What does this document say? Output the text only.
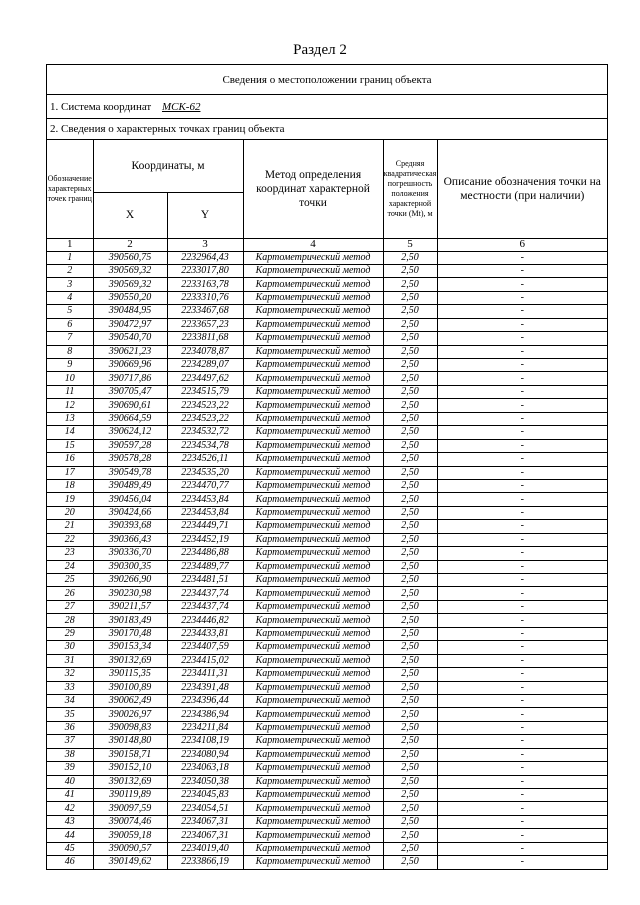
Раздел 2
Сведения о местоположении границ объекта
1. Система координат МСК-62
2. Сведения о характерных точках границ объекта
Обозначение характерных точек границ	Координаты, м		Метод определения координат характерной точки	Средняя квадратическая погрешность положения характерной точки (Mt), м	Описание обозначения точки на местности (при наличии)
	X	Y			
1	2	3	4	5	6
1	390560,75	2232964,43	Картометрический метод	2,50	-
2	390569,32	2233017,80	Картометрический метод	2,50	-
3	390569,32	2233163,78	Картометрический метод	2,50	-
4	390550,20	2233310,76	Картометрический метод	2,50	-
5	390484,95	2233467,68	Картометрический метод	2,50	-
6	390472,97	2233657,23	Картометрический метод	2,50	-
7	390540,70	2233811,68	Картометрический метод	2,50	-
8	390621,23	2234078,87	Картометрический метод	2,50	-
9	390669,96	2234289,07	Картометрический метод	2,50	-
10	390717,86	2234497,62	Картометрический метод	2,50	-
11	390705,47	2234515,79	Картометрический метод	2,50	-
12	390690,61	2234523,22	Картометрический метод	2,50	-
13	390664,59	2234523,22	Картометрический метод	2,50	-
14	390624,12	2234532,72	Картометрический метод	2,50	-
15	390597,28	2234534,78	Картометрический метод	2,50	-
16	390578,28	2234526,11	Картометрический метод	2,50	-
17	390549,78	2234535,20	Картометрический метод	2,50	-
18	390489,49	2234470,77	Картометрический метод	2,50	-
19	390456,04	2234453,84	Картометрический метод	2,50	-
20	390424,66	2234453,84	Картометрический метод	2,50	-
21	390393,68	2234449,71	Картометрический метод	2,50	-
22	390366,43	2234452,19	Картометрический метод	2,50	-
23	390336,70	2234486,88	Картометрический метод	2,50	-
24	390300,35	2234489,77	Картометрический метод	2,50	-
25	390266,90	2234481,51	Картометрический метод	2,50	-
26	390230,98	2234437,74	Картометрический метод	2,50	-
27	390211,57	2234437,74	Картометрический метод	2,50	-
28	390183,49	2234446,82	Картометрический метод	2,50	-
29	390170,48	2234433,81	Картометрический метод	2,50	-
30	390153,34	2234407,59	Картометрический метод	2,50	-
31	390132,69	2234415,02	Картометрический метод	2,50	-
32	390115,35	2234411,31	Картометрический метод	2,50	-
33	390100,89	2234391,48	Картометрический метод	2,50	-
34	390062,49	2234396,44	Картометрический метод	2,50	-
35	390026,97	2234386,94	Картометрический метод	2,50	-
36	390098,83	2234211,84	Картометрический метод	2,50	-
37	390148,80	2234108,19	Картометрический метод	2,50	-
38	390158,71	2234080,94	Картометрический метод	2,50	-
39	390152,10	2234063,18	Картометрический метод	2,50	-
40	390132,69	2234050,38	Картометрический метод	2,50	-
41	390119,89	2234045,83	Картометрический метод	2,50	-
42	390097,59	2234054,51	Картометрический метод	2,50	-
43	390074,46	2234067,31	Картометрический метод	2,50	-
44	390059,18	2234067,31	Картометрический метод	2,50	-
45	390090,57	2234019,40	Картометрический метод	2,50	-
46	390149,62	2233866,19	Картометрический метод	2,50	-
